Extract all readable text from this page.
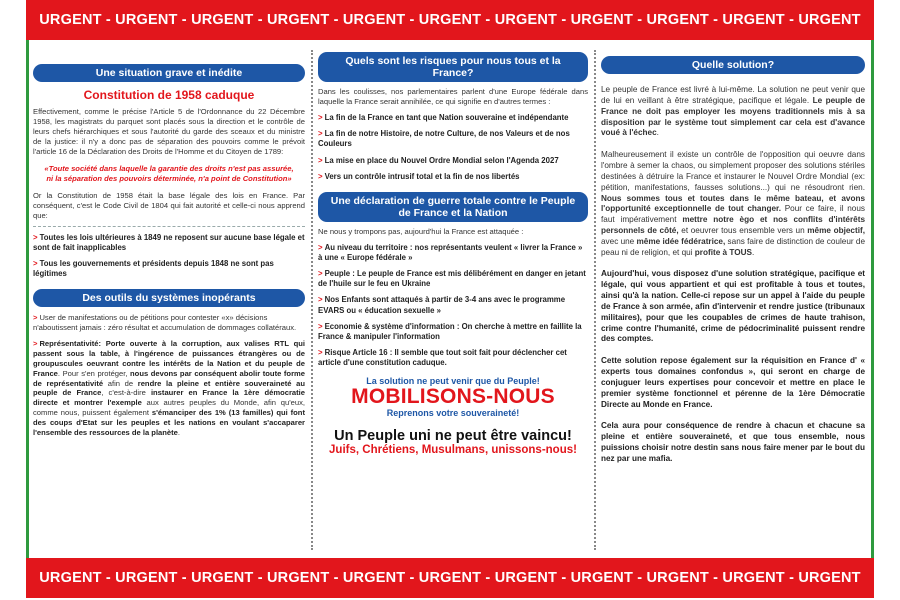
URGENT - URGENT - URGENT - URGENT - URGENT - URGENT - URGENT - URGENT - URGENT - URGENT - URGENT
Une situation grave et inédite
Constitution de 1958 caduque

Effectivement, comme le précise l'Article 5 de l'Ordonnance du 22 Décembre 1958, les magistrats du parquet sont placés sous la direction et le contrôle de leurs chefs hiérarchiques et sous l'autorité du garde des sceaux et du ministre de la justice: il n'y a donc pas de séparation des pouvoirs comme le prévoit l'article 16 de la Déclaration des Droits de l'Homme et du Citoyen de 1789:

«Toute société dans laquelle la garantie des droits n'est pas assurée, ni la séparation des pouvoirs déterminée, n'a point de Constitution»

Or la Constitution de 1958 était la base légale des lois en France. Par conséquent, c'est le Code Civil de 1804 qui fait autorité et celle-ci nous apprend que:

> Toutes les lois ultérieures à 1849 ne reposent sur aucune base légale et sont de fait inapplicables

> Tous les gouvernements et présidents depuis 1848 ne sont pas légitimes

Des outils du systèmes inopérants

> User de manifestations ou de pétitions pour contester «x» décisions n'aboutissent jamais : zéro résultat et accumulation de dommages collatéraux.

> Représentativité: Porte ouverte à la corruption, aux valises RTL qui passent sous la table, à l'ingérence de puissances étrangères ou de groupuscules oeuvrant contre les intérêts de la Nation et du peuple de France. Pour s'en protéger, nous devons par conséquent abolir toute forme de représentativité afin de rendre la pleine et entière souveraineté au peuple de France, c'est-à-dire instaurer en France la 1ère démocratie directe et montrer l'exemple aux autres peuples du Monde, afin qu'eux, comme nous, puissent également s'émanciper des 1% (13 familles) qui font des coups d'Etat sur les peuples et les nations en voulant s'accaparer l'ensemble des ressources de la planète.

Quels sont les risques pour nous tous et la France?

Dans les coulisses, nos parlementaires parlent d'une Europe fédérale dans laquelle la France serait annihilée, ce qui signifie en d'autres termes :

> La fin de la France en tant que Nation souveraine et indépendante

> La fin de notre Histoire, de notre Culture, de nos Valeurs et de nos Couleurs

> La mise en place du Nouvel Ordre Mondial selon l'Agenda 2027

> Vers un contrôle intrusif total et la fin de nos libertés

Une déclaration de guerre totale contre le Peuple de France et la Nation

Ne nous y trompons pas, aujourd'hui la France est attaquée :

> Au niveau du territoire : nos représentants veulent « livrer la France » à une « Europe fédérale »

> Peuple : Le peuple de France est mis délibérément en danger en jetant de l'huile sur le feu en Ukraine

> Nos Enfants sont attaqués à partir de 3-4 ans avec le programme EVARS ou « éducation sexuelle »

> Economie & système d'information : On cherche à mettre en faillite la France & manipuler l'information

> Risque Article 16 : Il semble que tout soit fait pour déclencher cet article d'une constitution caduque.

La solution ne peut venir que du Peuple!
MOBILISONS-NOUS
Reprenons votre souveraineté!
Un Peuple uni ne peut être vaincu!
Juifs, Chrétiens, Musulmans, unissons-nous!
Quelle solution?

Le peuple de France est livré à lui-même. La solution ne peut venir que de lui en veillant à être stratégique, pacifique et légale. Le peuple de France ne doit pas employer les moyens traditionnels mis à sa disposition par le système tout simplement car cela est d'avance voué à l'échec.

Malheureusement il existe un contrôle de l'opposition qui oeuvre dans l'ombre à semer la chaos, ou simplement proposer des solutions stériles destinées à détruire la France et instaurer le Nouvel Ordre Mondial (ex: pétition, manifestations, fausses solutions...) qui ne résoudront rien. Nous sommes tous et toutes dans le même bateau, et avons l'opportunité exceptionnelle de tout changer. Pour ce faire, il nous faut impérativement mettre notre ègo et nos conflits d'intérêts personnels de côté, et oeuvrer tous ensemble vers un même objectif, avec une même idée fédératrice, sans faire de distinction de couleur de peau ni de religion, et qui profite à TOUS.

Aujourd'hui, vous disposez d'une solution stratégique, pacifique et légale, qui vous appartient et qui est profitable à tous et toutes, ainsi qu'à la nation. Celle-ci repose sur un appel à l'aide du peuple de France à son armée, afin d'intervenir et rendre justice (tribunaux militaires), pour que les coupables de crimes de haute trahison, crime contre l'humanité, crime de pédocriminalité puissent rendre des comptes.

Cette solution repose également sur la réquisition en France d' « experts tous domaines confondus », qui seront en charge de conjuguer leurs expertises pour concevoir et mettre en place le premier système fonctionnel et pérenne de la 1ère Démocratie Directe au Monde en France.

Cela aura pour conséquence de rendre à chacun et chacune sa pleine et entière souveraineté, et que tous ensemble, nous puissions choisir notre destin sans nous faire mener par le bout du nez par une mafia.

URGENT - URGENT - URGENT - URGENT - URGENT - URGENT - URGENT - URGENT - URGENT - URGENT - URGENT
